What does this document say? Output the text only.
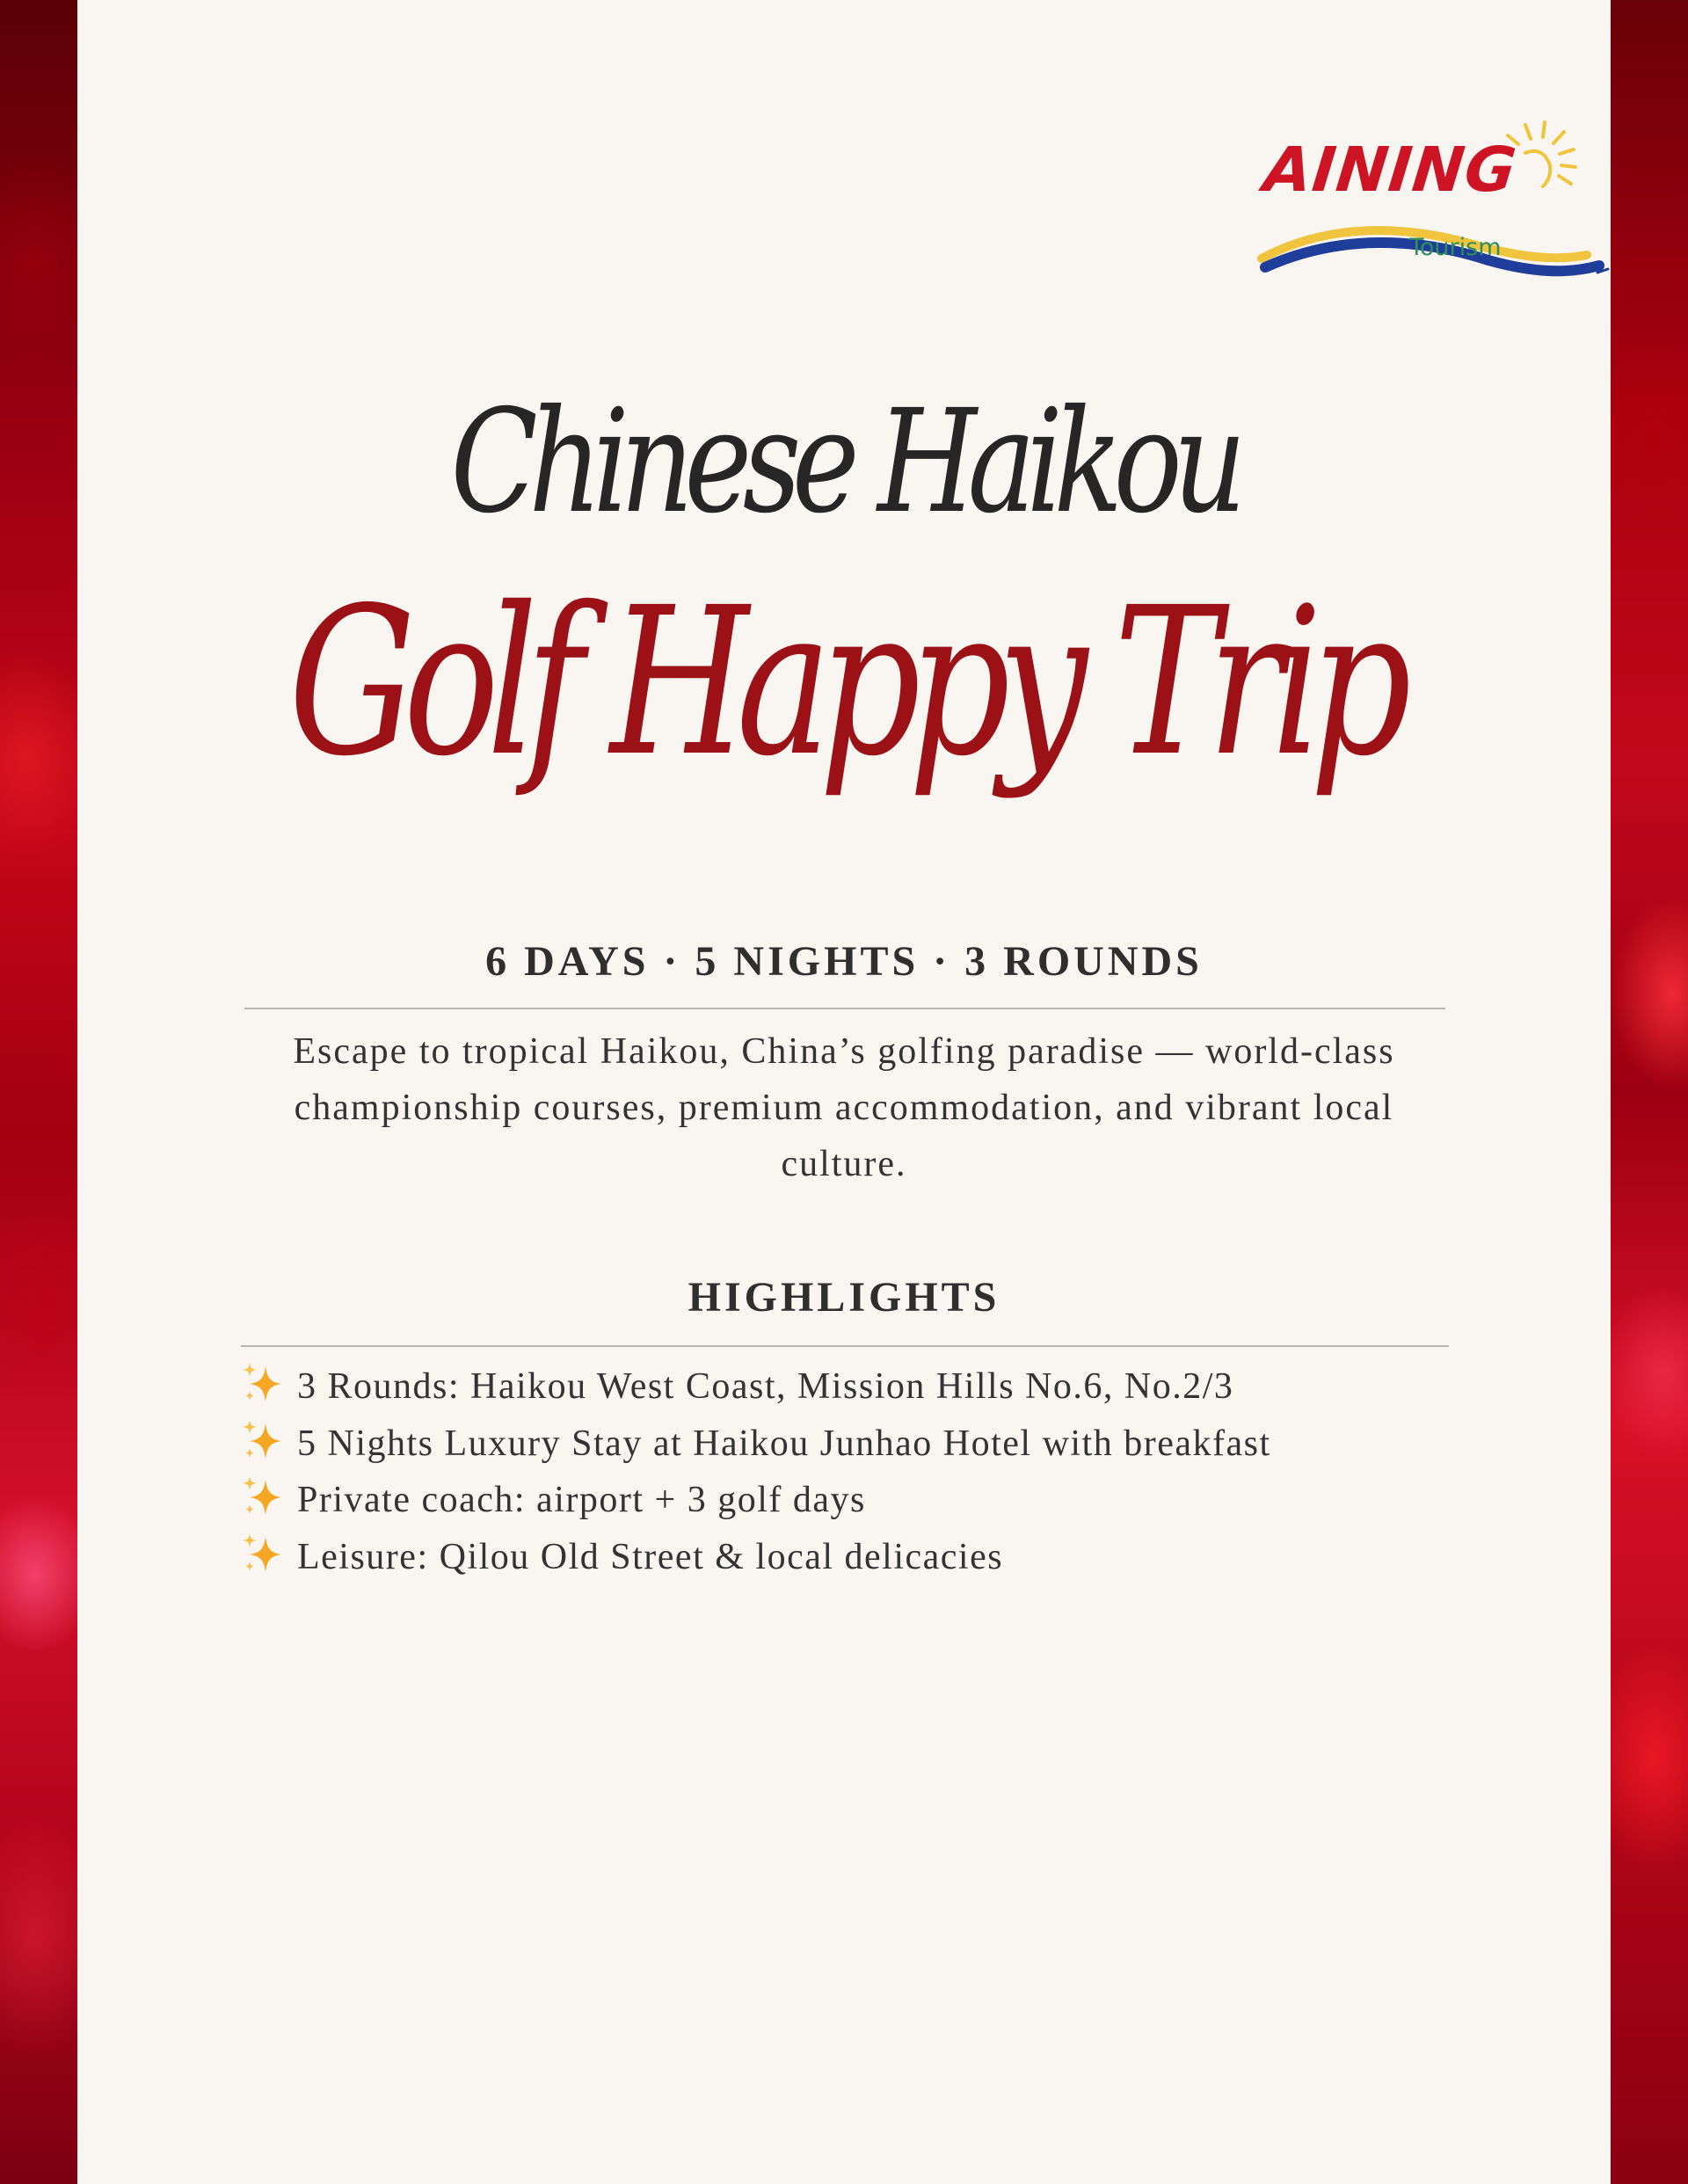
AINING
Tourism
Chinese Haikou
Golf Happy Trip
6 DAYS · 5 NIGHTS · 3 ROUNDS
Escape to tropical Haikou, China’s golfing paradise — world-class championship courses, premium accommodation, and vibrant local culture.
HIGHLIGHTS
3 Rounds: Haikou West Coast, Mission Hills No.6, No.2/3
5 Nights Luxury Stay at Haikou Junhao Hotel with breakfast
Private coach: airport + 3 golf days
Leisure: Qilou Old Street & local delicacies
